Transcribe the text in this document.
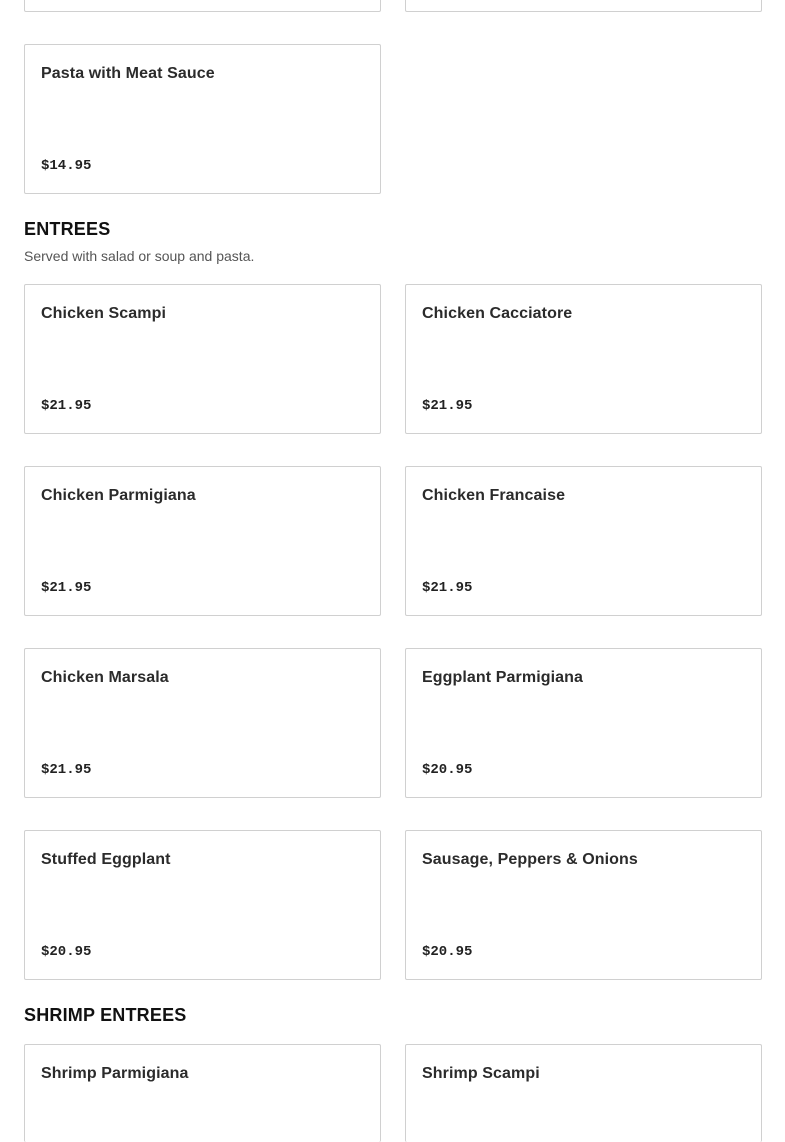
Pasta with Meat Sauce
$14.95
ENTREES

Served with salad or soup and pasta.

Chicken Scampi
$21.95
Chicken Cacciatore
$21.95
Chicken Parmigiana
$21.95
Chicken Francaise
$21.95
Chicken Marsala
$21.95
Eggplant Parmigiana
$20.95
Stuffed Eggplant
$20.95
Sausage, Peppers & Onions
$20.95
SHRIMP ENTREES
Shrimp Parmigiana	Shrimp Scampi
